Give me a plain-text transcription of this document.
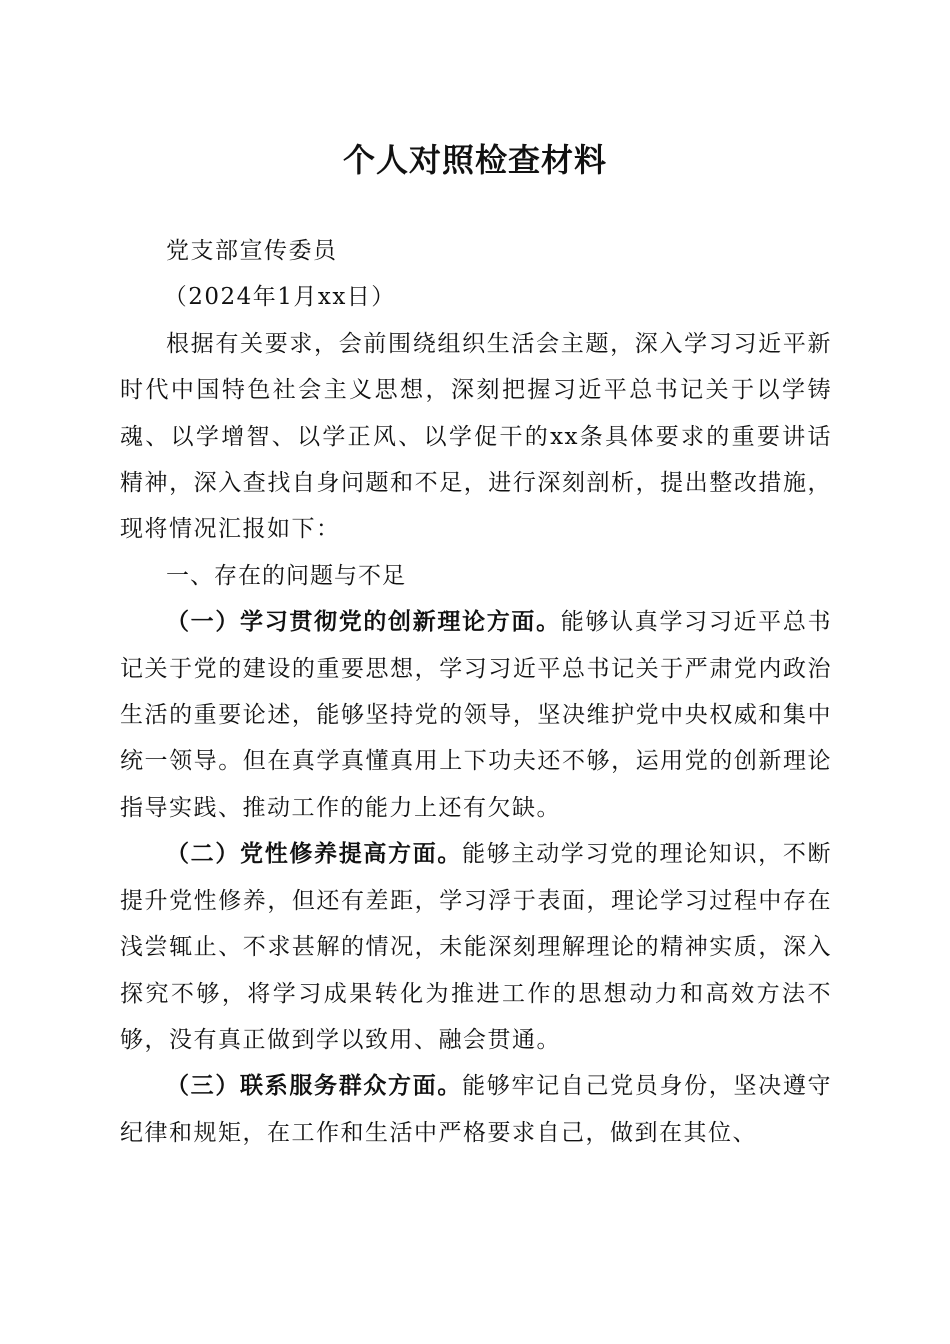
个人对照检查材料

党支部宣传委员

（2024年1月xx日）

根据有关要求，会前围绕组织生活会主题，深入学习习近平新时代中国特色社会主义思想，深刻把握习近平总书记关于以学铸魂、以学增智、以学正风、以学促干的xx条具体要求的重要讲话精神，深入查找自身问题和不足，进行深刻剖析，提出整改措施，现将情况汇报如下：

一、存在的问题与不足

（一）学习贯彻党的创新理论方面。能够认真学习习近平总书记关于党的建设的重要思想，学习习近平总书记关于严肃党内政治生活的重要论述，能够坚持党的领导，坚决维护党中央权威和集中统一领导。但在真学真懂真用上下功夫还不够，运用党的创新理论指导实践、推动工作的能力上还有欠缺。

（二）党性修养提高方面。能够主动学习党的理论知识，不断提升党性修养，但还有差距，学习浮于表面，理论学习过程中存在浅尝辄止、不求甚解的情况，未能深刻理解理论的精神实质，深入探究不够，将学习成果转化为推进工作的思想动力和高效方法不够，没有真正做到学以致用、融会贯通。

（三）联系服务群众方面。能够牢记自己党员身份，坚决遵守纪律和规矩，在工作和生活中严格要求自己，做到在其位、
